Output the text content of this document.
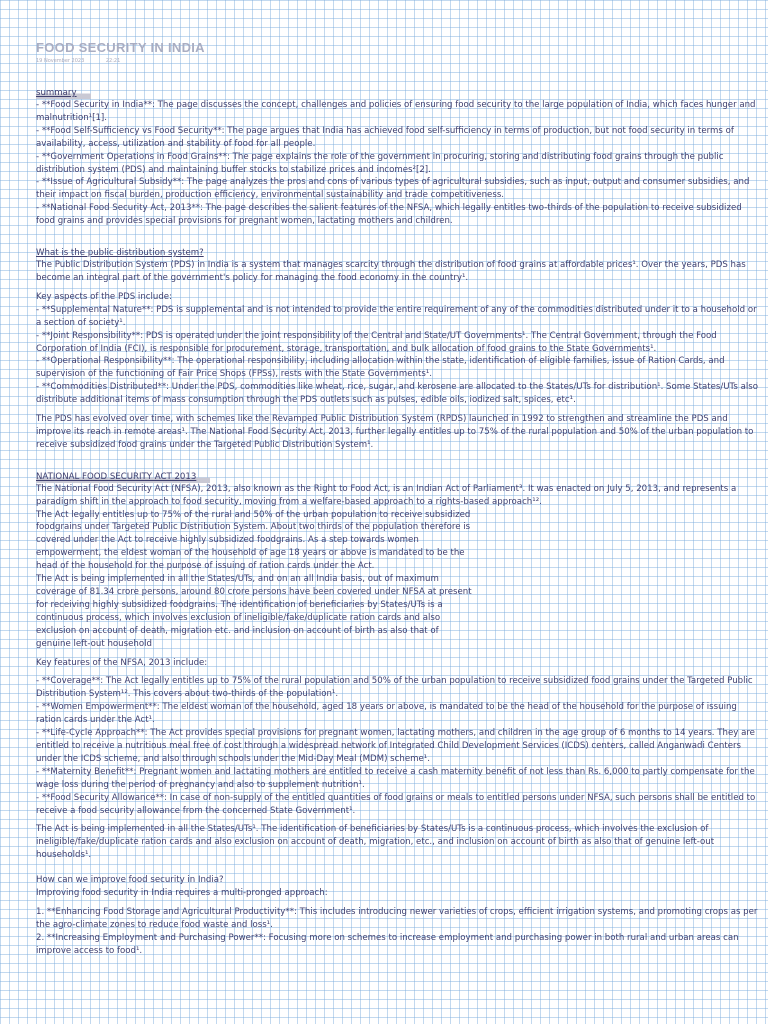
FOOD SECURITY IN INDIA
19 November 2023	22:21
summary

- **Food Security in India**: The page discusses the concept, challenges and policies of ensuring food security to the large population of India, which faces hunger and malnutrition¹[1].

- **Food Self-Sufficiency vs Food Security**: The page argues that India has achieved food self-sufficiency in terms of production, but not food security in terms of availability, access, utilization and stability of food for all people.

- **Government Operations in Food Grains**: The page explains the role of the government in procuring, storing and distributing food grains through the public distribution system (PDS) and maintaining buffer stocks to stabilize prices and incomes²[2].

- **Issue of Agricultural Subsidy**: The page analyzes the pros and cons of various types of agricultural subsidies, such as input, output and consumer subsidies, and their impact on fiscal burden, production efficiency, environmental sustainability and trade competitiveness.

- **National Food Security Act, 2013**: The page describes the salient features of the NFSA, which legally entitles two-thirds of the population to receive subsidized food grains and provides special provisions for pregnant women, lactating mothers and children.

What is the public distribution system?

The Public Distribution System (PDS) in India is a system that manages scarcity through the distribution of food grains at affordable prices¹. Over the years, PDS has become an integral part of the government's policy for managing the food economy in the country¹.

Key aspects of the PDS include:

- **Supplemental Nature**: PDS is supplemental and is not intended to provide the entire requirement of any of the commodities distributed under it to a household or a section of society¹.

- **Joint Responsibility**: PDS is operated under the joint responsibility of the Central and State/UT Governments¹. The Central Government, through the Food Corporation of India (FCI), is responsible for procurement, storage, transportation, and bulk allocation of food grains to the State Governments¹.

- **Operational Responsibility**: The operational responsibility, including allocation within the state, identification of eligible families, issue of Ration Cards, and supervision of the functioning of Fair Price Shops (FPSs), rests with the State Governments¹.

- **Commodities Distributed**: Under the PDS, commodities like wheat, rice, sugar, and kerosene are allocated to the States/UTs for distribution¹. Some States/UTs also distribute additional items of mass consumption through the PDS outlets such as pulses, edible oils, iodized salt, spices, etc¹.

The PDS has evolved over time, with schemes like the Revamped Public Distribution System (RPDS) launched in 1992 to strengthen and streamline the PDS and improve its reach in remote areas¹. The National Food Security Act, 2013, further legally entitles up to 75% of the rural population and 50% of the urban population to receive subsidized food grains under the Targeted Public Distribution System¹.

NATIONAL FOOD SECURITY ACT 2013

The National Food Security Act (NFSA), 2013, also known as the Right to Food Act, is an Indian Act of Parliament³. It was enacted on July 5, 2013, and represents a paradigm shift in the approach to food security, moving from a welfare-based approach to a rights-based approach¹².

The Act legally entitles up to 75% of the rural and 50% of the urban population to receive subsidized foodgrains under Targeted Public Distribution System. About two thirds of the population therefore is covered under the Act to receive highly subsidized foodgrains. As a step towards women empowerment, the eldest woman of the household of age 18 years or above is mandated to be the head of the household for the purpose of issuing of ration cards under the Act.

The Act is being implemented in all the States/UTs, and on an all India basis, out of maximum coverage of 81.34 crore persons, around 80 crore persons have been covered under NFSA at present for receiving highly subsidized foodgrains. The identification of beneficiaries by States/UTs is a continuous process, which involves exclusion of ineligible/fake/duplicate ration cards and also exclusion on account of death, migration etc. and inclusion on account of birth as also that of genuine left-out household

Key features of the NFSA, 2013 include:

- **Coverage**: The Act legally entitles up to 75% of the rural population and 50% of the urban population to receive subsidized food grains under the Targeted Public Distribution System¹². This covers about two-thirds of the population¹.

- **Women Empowerment**: The eldest woman of the household, aged 18 years or above, is mandated to be the head of the household for the purpose of issuing ration cards under the Act¹.

- **Life-Cycle Approach**: The Act provides special provisions for pregnant women, lactating mothers, and children in the age group of 6 months to 14 years. They are entitled to receive a nutritious meal free of cost through a widespread network of Integrated Child Development Services (ICDS) centers, called Anganwadi Centers under the ICDS scheme, and also through schools under the Mid-Day Meal (MDM) scheme¹.

- **Maternity Benefit**: Pregnant women and lactating mothers are entitled to receive a cash maternity benefit of not less than Rs. 6,000 to partly compensate for the wage loss during the period of pregnancy and also to supplement nutrition¹.

- **Food Security Allowance**: In case of non-supply of the entitled quantities of food grains or meals to entitled persons under NFSA, such persons shall be entitled to receive a food security allowance from the concerned State Government¹.

The Act is being implemented in all the States/UTs¹. The identification of beneficiaries by States/UTs is a continuous process, which involves the exclusion of ineligible/fake/duplicate ration cards and also exclusion on account of death, migration, etc., and inclusion on account of birth as also that of genuine left-out households¹.

How can we improve food security in India?

Improving food security in India requires a multi-pronged approach:

1. **Enhancing Food Storage and Agricultural Productivity**: This includes introducing newer varieties of crops, efficient irrigation systems, and promoting crops as per the agro-climate zones to reduce food waste and loss¹.

2. **Increasing Employment and Purchasing Power**: Focusing more on schemes to increase employment and purchasing power in both rural and urban areas can improve access to food¹.
